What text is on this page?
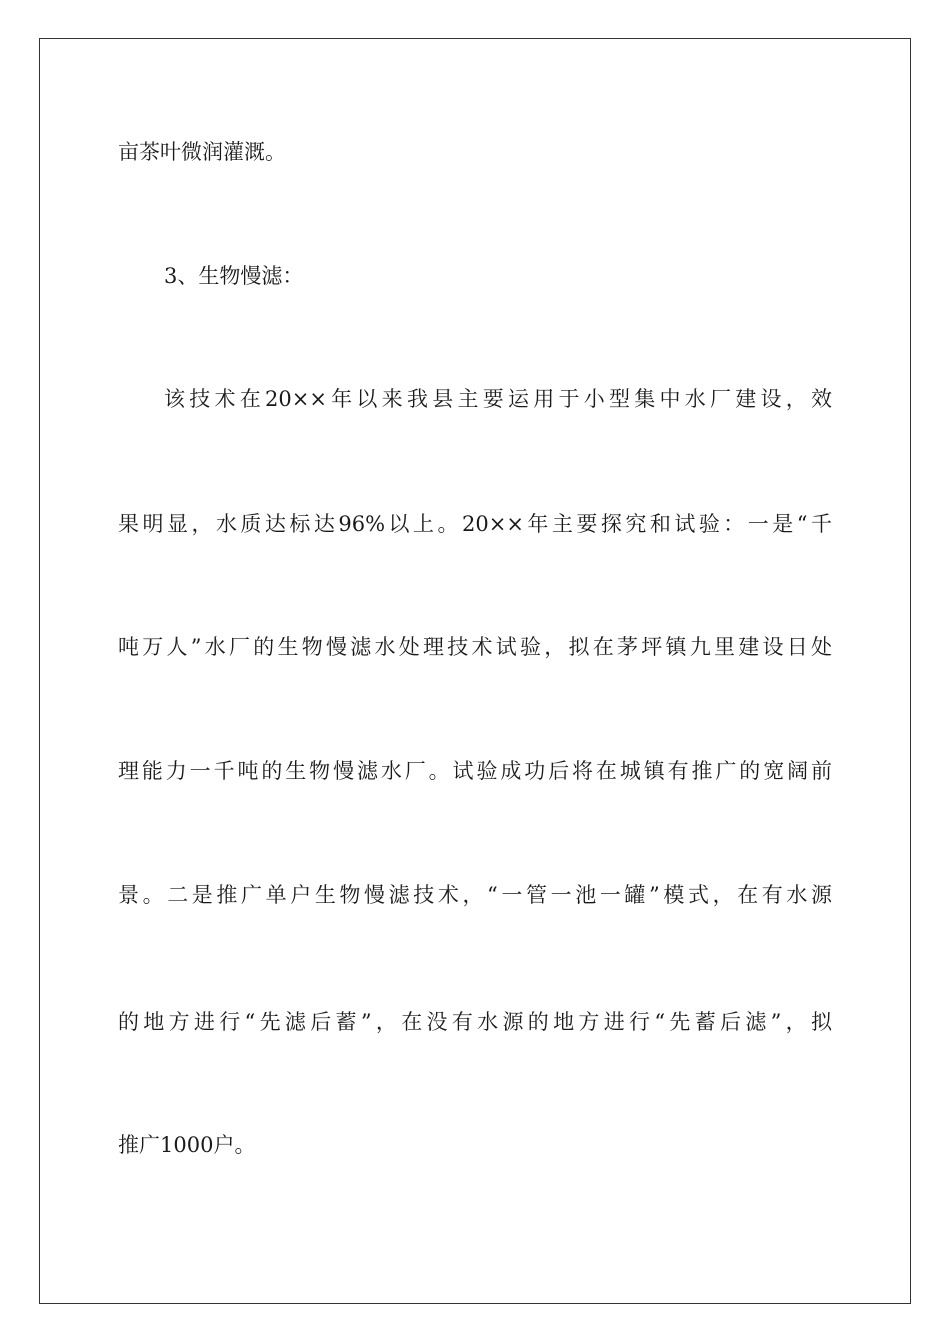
亩茶叶微润灌溉。
3、生物慢滤：
该技术在20××年以来我县主要运用于小型集中水厂建设，效
果明显，水质达标达96%以上。20××年主要探究和试验：一是“千
吨万人”水厂的生物慢滤水处理技术试验，拟在茅坪镇九里建设日处
理能力一千吨的生物慢滤水厂。试验成功后将在城镇有推广的宽阔前
景。二是推广单户生物慢滤技术，“一管一池一罐”模式，在有水源
的地方进行“先滤后蓄”，在没有水源的地方进行“先蓄后滤”，拟
推广1000户。
